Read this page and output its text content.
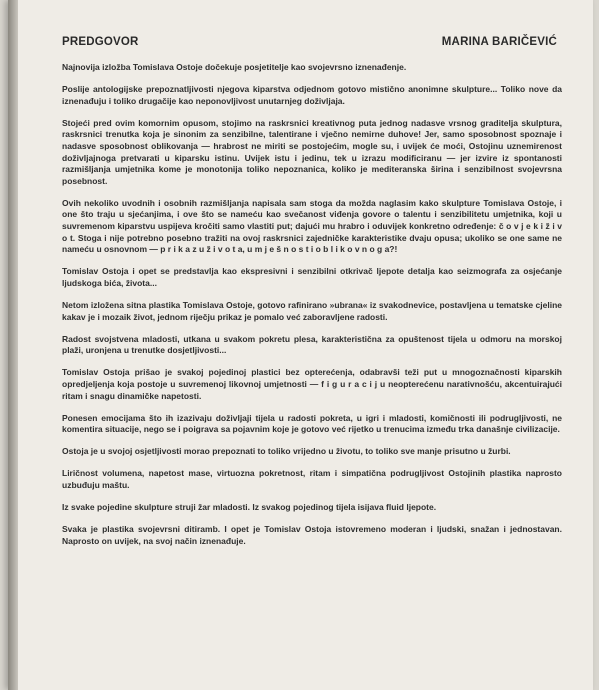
PREDGOVOR	MARINA BARIČEVIĆ

Najnovija izložba Tomislava Ostoje dočekuje posjetitelje kao svojevrsno iznenađenje.

Poslije antologijske prepoznatljivosti njegova kiparstva odjednom gotovo mističnо anonimne skulpture... Toliko nove da iznenađuju i toliko drugačije kao neponovljivost unutarnjeg doživljaja.

Stojeći pred ovim komornim opusom, stojimo na raskrsnici kreativnog puta jednog nadasve vrsnog graditelja skulptura, raskrsnici trenutka koja je sinonim za senzibilne, talentirane i vječno nemirne duhove! Jer, samo sposobnost spoznaje i nadasve sposobnost oblikovanja — hrabrost ne miriti se postojećim, mogle su, i uvijek će moći, Ostojinu uznemirenost doživljajnoga pretvarati u kiparsku istinu. Uvijek istu i jedinu, tek u izrazu modificiranu — jer izvire iz spontanosti razmišljanja umjetnika kome je monotonija toliko nepoznanica, koliko je mediteranska širina i senzibilnost svojevrsna posebnost.

Ovih nekoliko uvodnih i osobnih razmišljanja napisala sam stoga da možda naglasim kako skulpture Tomislava Ostoje, i one što traju u sjećanjima, i ove što se nameću kao svečanost viđenja govore o talentu i senzibilitetu umjetnika, koji u suvremenom kiparstvu uspijeva kročiti samo vlastiti put; dajući mu hrabro i oduvijek konkretno određenje: č o v j e k i ž i v o t. Stoga i nije potrebno posebno tražiti na ovoj raskrsnici zajedničke karakteristike dvaju opusa; ukoliko se one same ne nameću u osnovnom — p r i k a z u ž i v o t a, u m j e š n o s t i o b l i k o v n o g a?!

Tomislav Ostoja i opet se predstavlja kao ekspresivni i senzibilni otkrivač ljepote detalja kao seizmografa za osjećanje ljudskoga bića, života...

Netom izložena sitna plastika Tomislava Ostoje, gotovo rafinirano »ubrana« iz svakodnevice, postavljena u tematske cjeline kakav je i mozaik život, jednom riječju prikaz je pomalo već zaboravljene radosti.

Radost svojstvena mladosti, utkana u svakom pokretu plesa, karakteristična za opuštenost tijela u odmoru na morskoj plaži, uronjena u trenutke dosjetljivosti...

Tomislav Ostoja prišao je svakoj pojedinoj plastici bez opterećenja, odabravši teži put u mnogoznačnosti kiparskih opredjeljenja koja postoje u suvremenoj likovnoj umjetnosti — f i g u r a c i j u neopterećenu narativnošću, akcentuirajući ritam i snagu dinamičke napetosti.

Ponesen emocijama što ih izazivaju doživljaji tijela u radosti pokreta, u igri i mladosti, komičnosti ili podrugljivosti, ne komentira situacije, nego se i poigrava sa pojavnim koje je gotovo već rijetko u trenucima između trka današnje civilizacije.

Ostoja je u svojoj osjetljivosti morao prepoznati to toliko vrijedno u životu, to toliko sve manje prisutno u žurbi.

Liričnost volumena, napetost mase, virtuozna pokretnost, ritam i simpatična podrugljivost Ostojinih plastika naprosto uzbuđuju maštu.

Iz svake pojedine skulpture struji žar mladosti. Iz svakog pojedinog tijela isijava fluid ljepote.

Svaka je plastika svojevrsni ditiramb. I opet je Tomislav Ostoja istovremeno moderan i ljudski, snažan i jednostavan. Naprosto on uvijek, na svoj način iznenađuje.
